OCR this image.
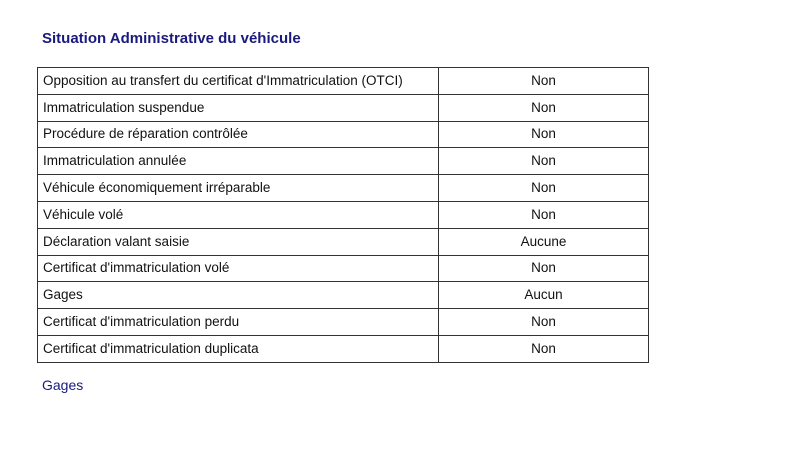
Situation Administrative du véhicule
Opposition au transfert du certificat d'Immatriculation (OTCI)	Non
Immatriculation suspendue	Non
Procédure de réparation contrôlée	Non
Immatriculation annulée	Non
Véhicule économiquement irréparable	Non
Véhicule volé	Non
Déclaration valant saisie	Aucune
Certificat d'immatriculation volé	Non
Gages	Aucun
Certificat d'immatriculation perdu	Non
Certificat d'immatriculation duplicata	Non
Gages
